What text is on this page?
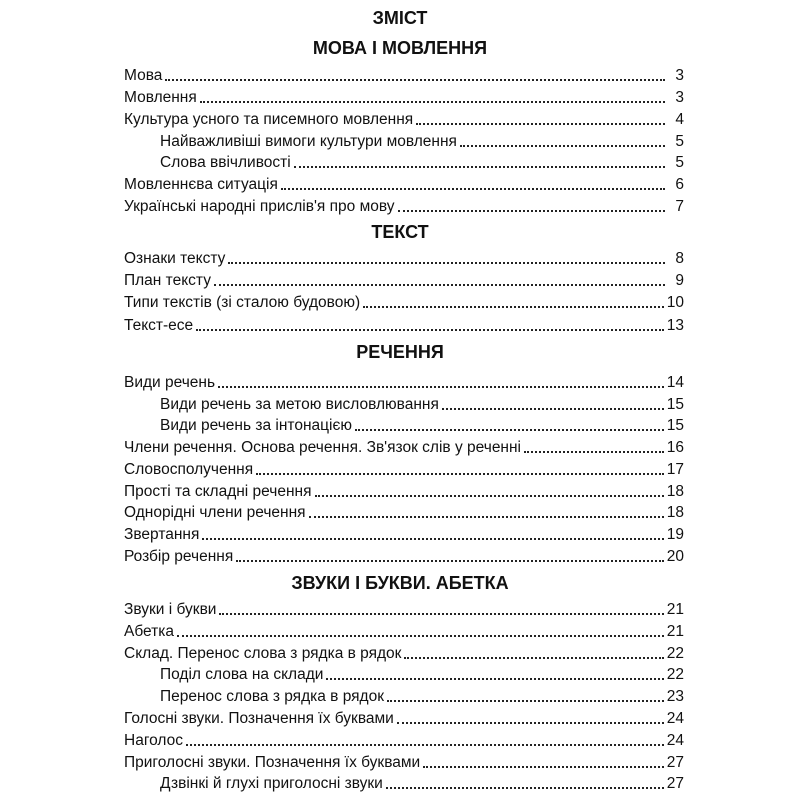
ЗМІСТ
МОВА І МОВЛЕННЯ
Мова	3
Мовлення	3
Культура усного та писемного мовлення	4
Найважливіші вимоги культури мовлення	5
Слова ввічливості	5
Мовленнєва ситуація	6
Українські народні прислів'я про мову	7
ТЕКСТ
Ознаки тексту	8
План тексту	9
Типи текстів (зі сталою будовою)	10
Текст-есе	13
РЕЧЕННЯ
Види речень	14
Види речень за метою висловлювання	15
Види речень за інтонацією	15
Члени речення. Основа речення. Зв'язок слів у реченні	16
Словосполучення	17
Прості та складні речення	18
Однорідні члени речення	18
Звертання	19
Розбір речення	20
ЗВУКИ І БУКВИ. АБЕТКА
Звуки і букви	21
Абетка	21
Склад. Перенос слова з рядка в рядок	22
Поділ слова на склади	22
Перенос слова з рядка в рядок	23
Голосні звуки. Позначення їх буквами	24
Наголос	24
Приголосні звуки. Позначення їх буквами	27
Дзвінкі й глухі приголосні звуки	27
